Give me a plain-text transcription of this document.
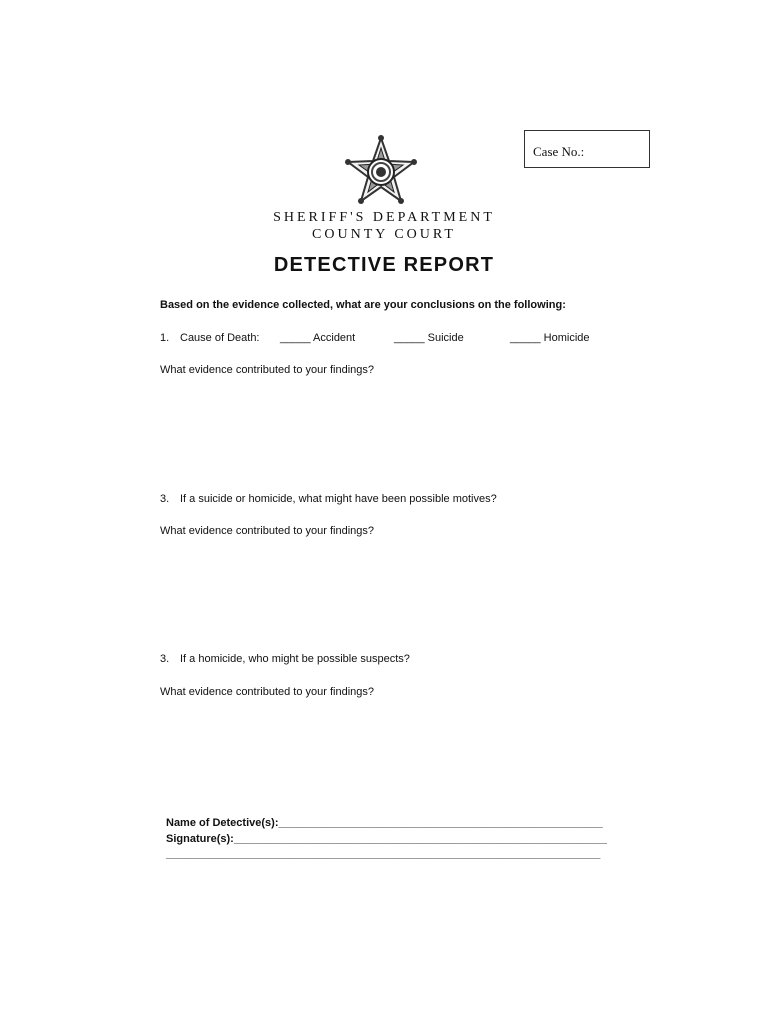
Case No.:
SHERIFF'S DEPARTMENT
COUNTY COURT
DETECTIVE REPORT
Based on the evidence collected, what are your conclusions on the following:
1. Cause of Death: _____ Accident	_____ Suicide	_____ Homicide
What evidence contributed to your findings?
3. If a suicide or homicide, what might have been possible motives?
What evidence contributed to your findings?
3. If a homicide, who might be possible suspects?
What evidence contributed to your findings?
Name of Detective(s):_____________________________________________________
Signature(s):_____________________________________________________________
_______________________________________________________________________
